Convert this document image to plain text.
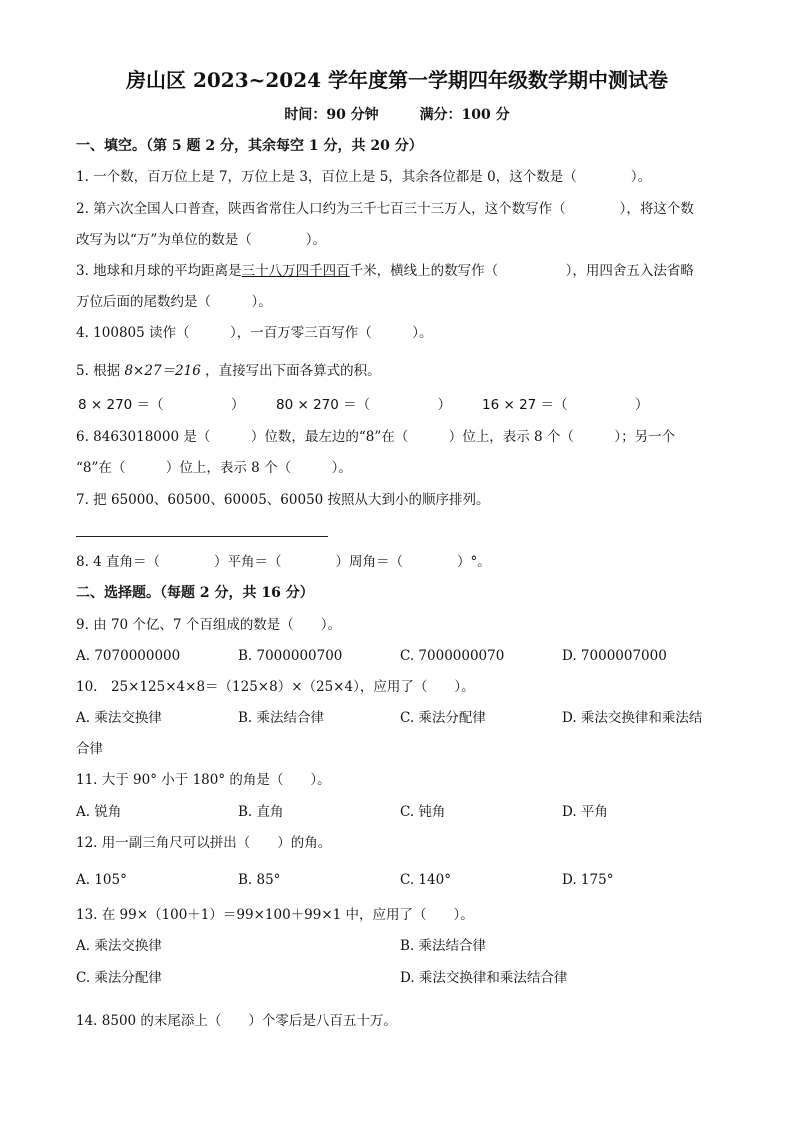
房山区 2023~2024 学年度第一学期四年级数学期中测试卷
时间：90 分钟	满分：100 分
一、填空。（第 5 题 2 分，其余每空 1 分，共 20 分）
1. 一个数，百万位上是 7，万位上是 3，百位上是 5，其余各位都是 0，这个数是（　　　　）。
2. 第六次全国人口普查，陕西省常住人口约为三千七百三十三万人，这个数写作（　　　　），将这个数
改写为以“万”为单位的数是（　　　　）。
3. 地球和月球的平均距离是三十八万四千四百千米，横线上的数写作（　　　　　），用四舍五入法省略
万位后面的尾数约是（　　　）。
4. 100805 读作（　　　），一百万零三百写作（　　　）。
5. 根据 8×27＝216 ，直接写出下面各算式的积。
8 × 270 ＝（　　　　　） 80 × 270 ＝（　　　　　） 16 × 27 ＝（　　　　　）
6. 8463018000 是（　　　）位数，最左边的“8”在（　　　）位上，表示 8 个（　　　）；另一个
“8”在（　　　）位上，表示 8 个（　　　）。
7. 把 65000、60500、60005、60050 按照从大到小的顺序排列。
8. 4 直角＝（　　　　）平角＝（　　　　）周角＝（　　　　）°。
二、选择题。（每题 2 分，共 16 分）
9. 由 70 个亿、7 个百组成的数是（　　）。
A. 7070000000	B. 7000000700	C. 7000000070	D. 7000007000
10.　25×125×4×8＝（125×8）×（25×4），应用了（　　）。
A. 乘法交换律	B. 乘法结合律	C. 乘法分配律	D. 乘法交换律和乘法结
合律
11. 大于 90° 小于 180° 的角是（　　）。
A. 锐角	B. 直角	C. 钝角	D. 平角
12. 用一副三角尺可以拼出（　　）的角。
A. 105°	B. 85°	C. 140°	D. 175°
13. 在 99×（100＋1）＝99×100＋99×1 中，应用了（　　）。
A. 乘法交换律	B. 乘法结合律
C. 乘法分配律	D. 乘法交换律和乘法结合律
14. 8500 的末尾添上（　　）个零后是八百五十万。
